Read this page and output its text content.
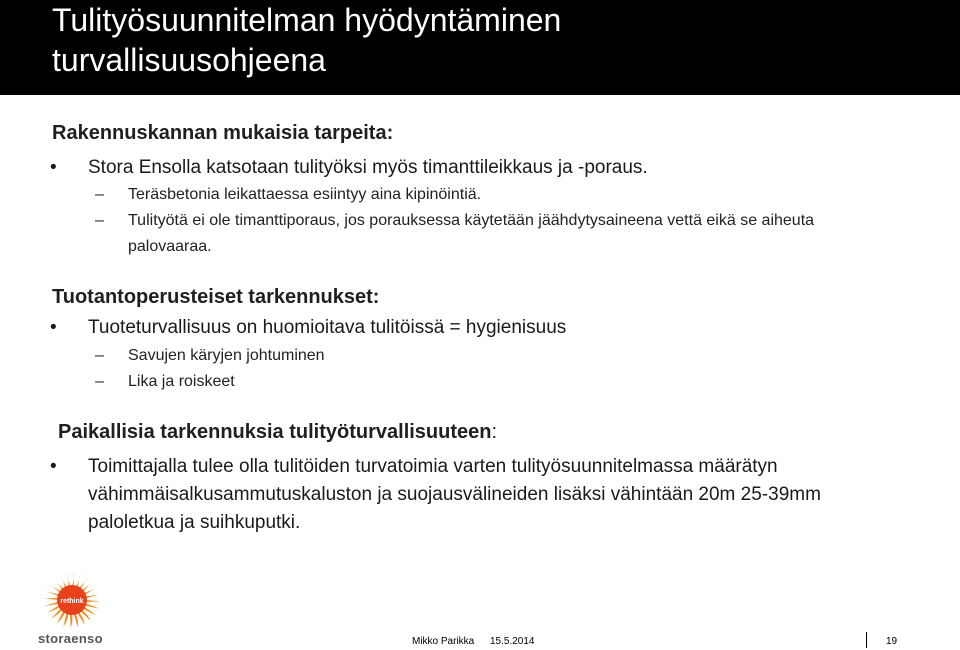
Tulityösuunnitelman hyödyntäminen
turvallisuusohjeena
Rakennuskannan mukaisia tarpeita:
• Stora Ensolla katsotaan tulityöksi myös timanttileikkaus ja -poraus.
–	Teräsbetonia leikattaessa esiintyy aina kipinöintiä.
–	Tulityötä ei ole timanttiporaus, jos porauksessa käytetään jäähdytysaineena vettä eikä se aiheuta palovaaraa.
Tuotantoperusteiset tarkennukset:
• Tuoteturvallisuus on huomioitava tulitöissä = hygienisuus
–	Savujen käryjen johtuminen
–	Lika ja roiskeet
Paikallisia tarkennuksia tulityöturvallisuuteen:
• Toimittajalla tulee olla tulitöiden turvatoimia varten tulityösuunnitelmassa määrätyn vähimmäisalkusammutuskaluston ja suojausvälineiden lisäksi vähintään 20m 25-39mm paloletkua ja suihkuputki.
rethink
storaenso	Mikko Parikka 15.5.2014	19
